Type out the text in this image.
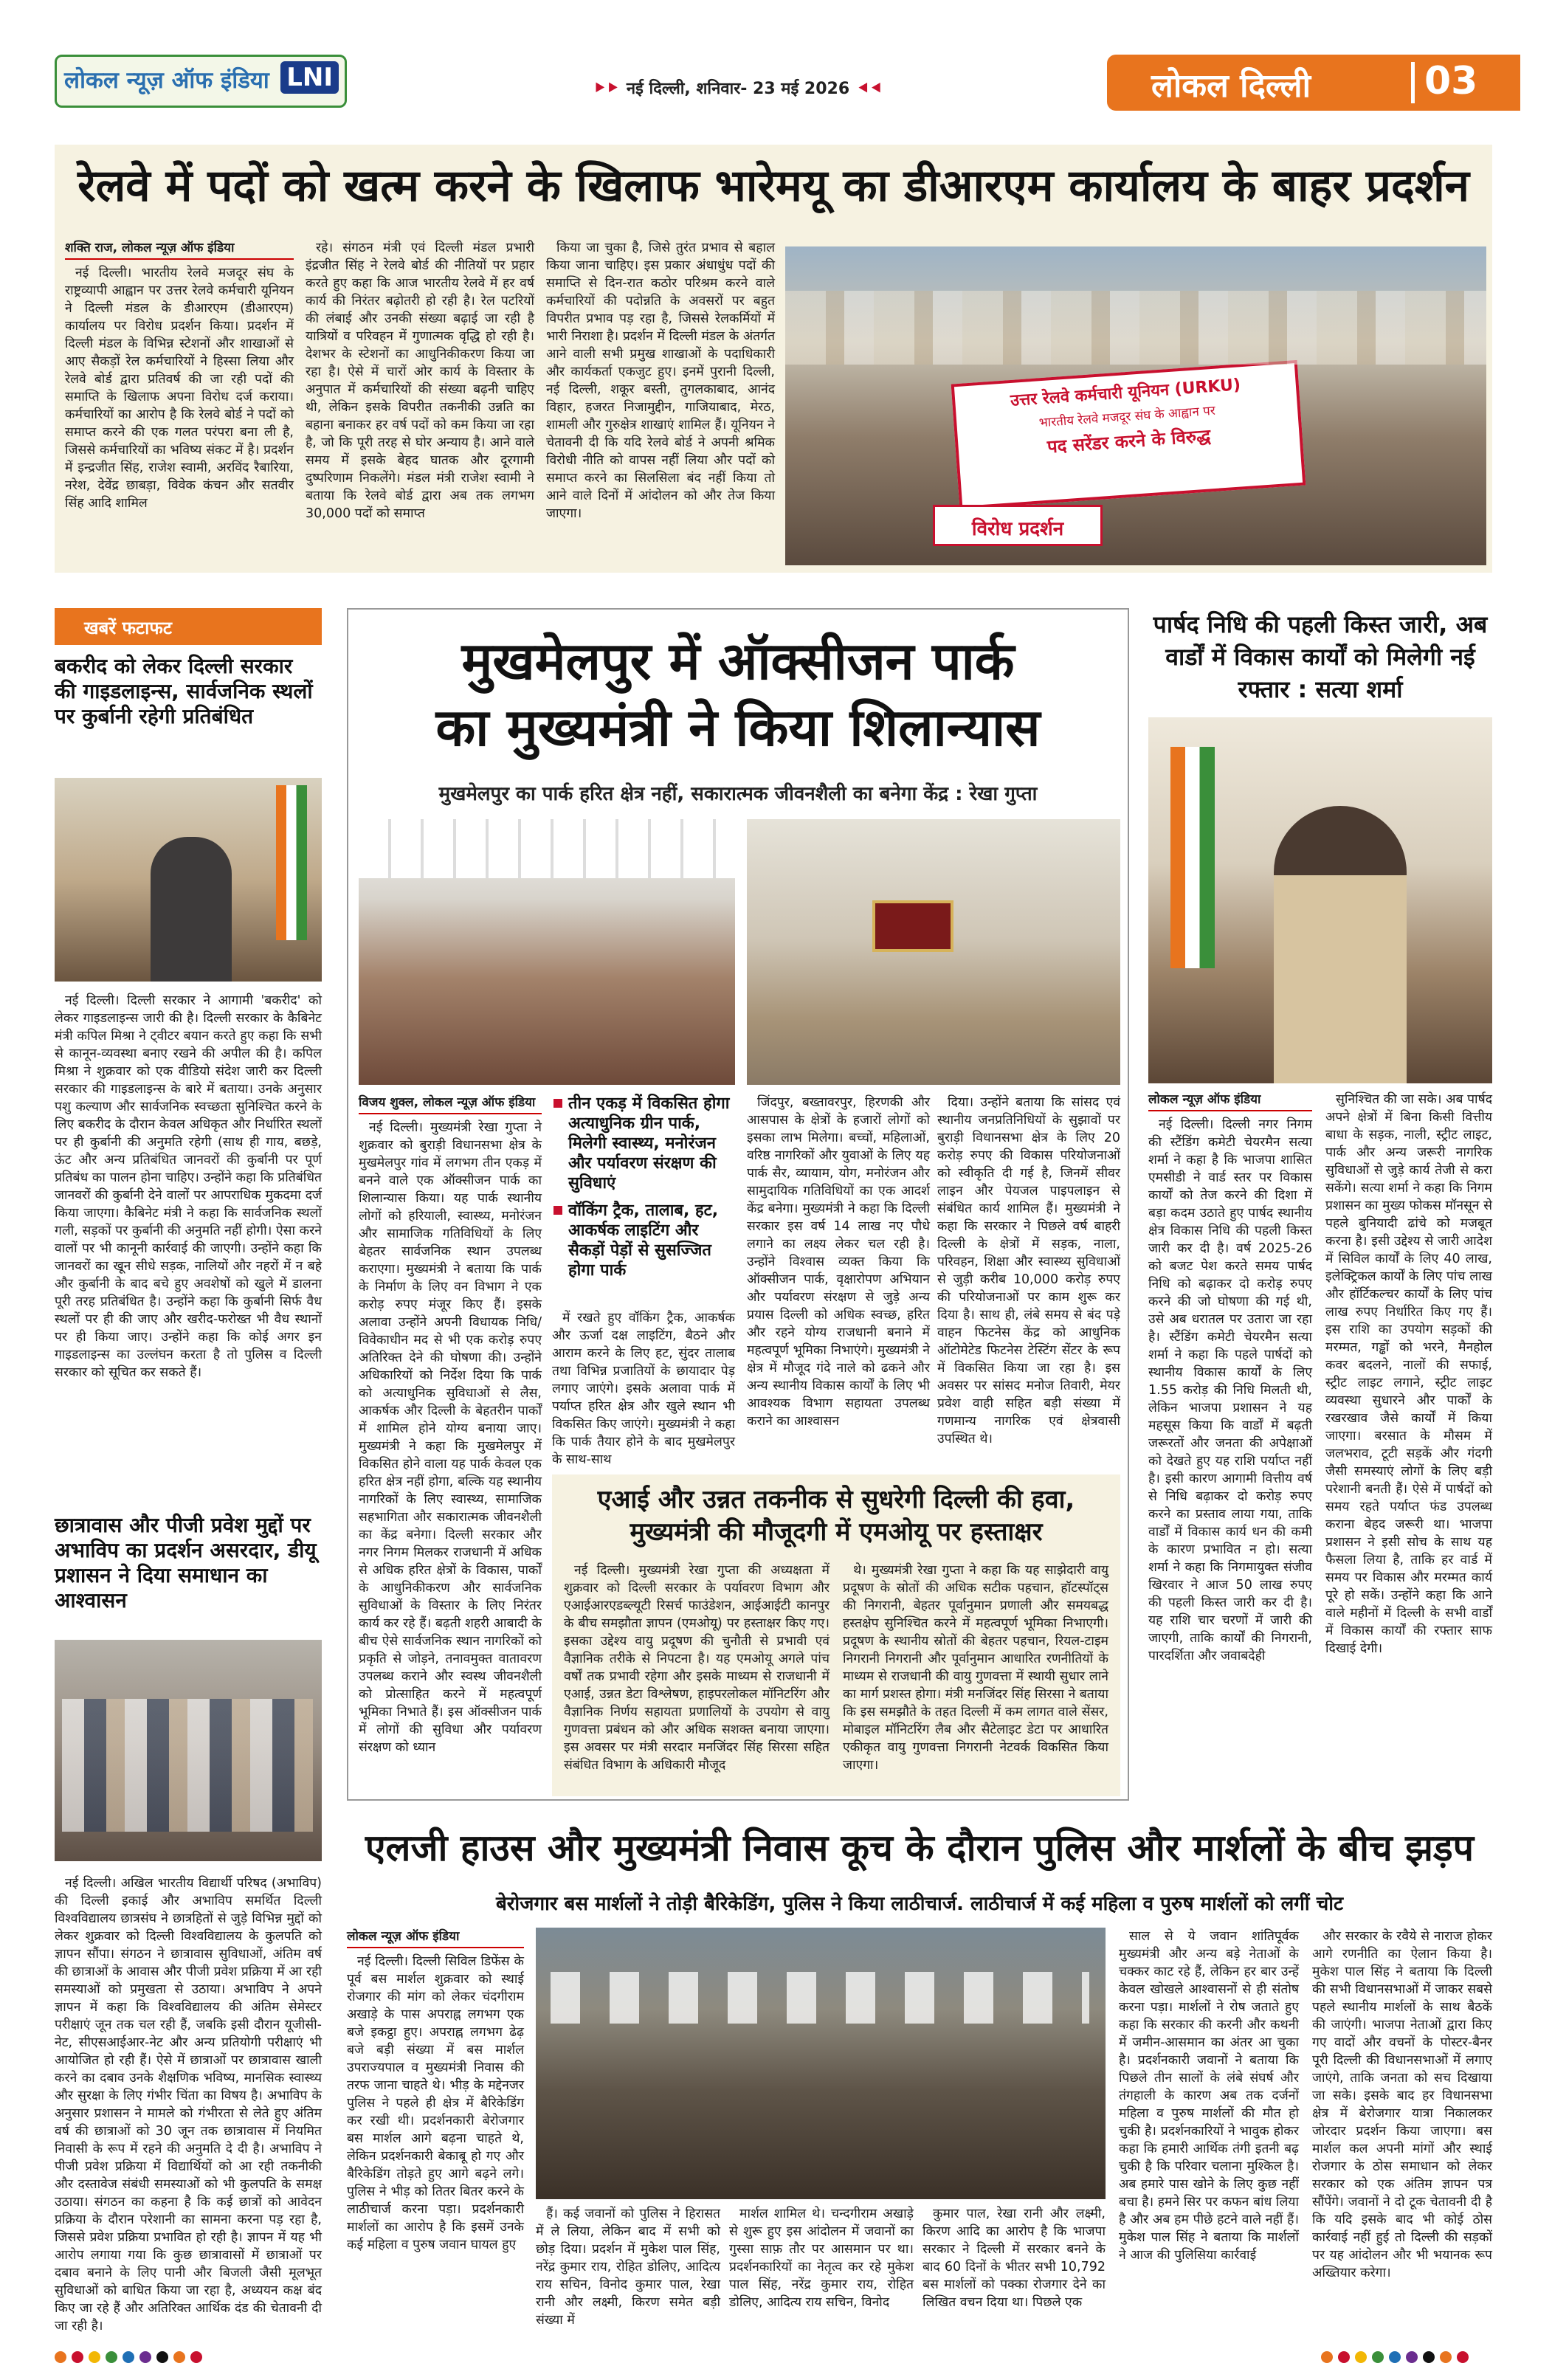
लोकल न्यूज़ ऑफ इंडिया LNI	⯈⯈ नई दिल्ली, शनिवार- 23 मई 2026 ⯇⯇	लोकल दिल्ली	03
रेलवे में पदों को खत्म करने के खिलाफ भारेमयू का डीआरएम कार्यालय के बाहर प्रदर्शन

शक्ति राज, लोकल न्यूज़ ऑफ इंडिया

नई दिल्ली। भारतीय रेलवे मजदूर संघ के राष्ट्रव्यापी आह्वान पर उत्तर रेलवे कर्मचारी यूनियन ने दिल्ली मंडल के डीआरएम (डीआरएम) कार्यालय पर विरोध प्रदर्शन किया। प्रदर्शन में दिल्ली मंडल के विभिन्न स्टेशनों और शाखाओं से आए सैकड़ों रेल कर्मचारियों ने हिस्सा लिया और रेलवे बोर्ड द्वारा प्रतिवर्ष की जा रही पदों की समाप्ति के खिलाफ अपना विरोध दर्ज कराया। कर्मचारियों का आरोप है कि रेलवे बोर्ड ने पदों को समाप्त करने की एक गलत परंपरा बना ली है, जिससे कर्मचारियों का भविष्य संकट में है। प्रदर्शन में इन्द्रजीत सिंह, राजेश स्वामी, अरविंद रैबारिया, नरेश, देवेंद्र छाबड़ा, विवेक कंचन और सतवीर सिंह आदि शामिल

रहे। संगठन मंत्री एवं दिल्ली मंडल प्रभारी इंद्रजीत सिंह ने रेलवे बोर्ड की नीतियों पर प्रहार करते हुए कहा कि आज भारतीय रेलवे में हर वर्ष कार्य की निरंतर बढ़ोतरी हो रही है। रेल पटरियों की लंबाई और उनकी संख्या बढ़ाई जा रही है यात्रियों व परिवहन में गुणात्मक वृद्धि हो रही है। देशभर के स्टेशनों का आधुनिकीकरण किया जा रहा है। ऐसे में चारों ओर कार्य के विस्तार के अनुपात में कर्मचारियों की संख्या बढ़नी चाहिए थी, लेकिन इसके विपरीत तकनीकी उन्नति का बहाना बनाकर हर वर्ष पदों को कम किया जा रहा है, जो कि पूरी तरह से घोर अन्याय है। आने वाले समय में इसके बेहद घातक और दूरगामी दुष्परिणाम निकलेंगे। मंडल मंत्री राजेश स्वामी ने बताया कि रेलवे बोर्ड द्वारा अब तक लगभग 30,000 पदों को समाप्त

किया जा चुका है, जिसे तुरंत प्रभाव से बहाल किया जाना चाहिए। इस प्रकार अंधाधुंध पदों की समाप्ति से दिन-रात कठोर परिश्रम करने वाले कर्मचारियों की पदोन्नति के अवसरों पर बहुत विपरीत प्रभाव पड़ रहा है, जिससे रेलकर्मियों में भारी निराशा है। प्रदर्शन में दिल्ली मंडल के अंतर्गत आने वाली सभी प्रमुख शाखाओं के पदाधिकारी और कार्यकर्ता एकजुट हुए। इनमें पुरानी दिल्ली, नई दिल्ली, शकूर बस्ती, तुगलकाबाद, आनंद विहार, हजरत निजामुद्दीन, गाजियाबाद, मेरठ, शामली और गुरुक्षेत्र शाखाएं शामिल हैं। यूनियन ने चेतावनी दी कि यदि रेलवे बोर्ड ने अपनी श्रमिक विरोधी नीति को वापस नहीं लिया और पदों को समाप्त करने का सिलसिला बंद नहीं किया तो आने वाले दिनों में आंदोलन को और तेज किया जाएगा।

उत्तर रेलवे कर्मचारी यूनियन (URKU)
भारतीय रेलवे मजदूर संघ के आह्वान पर
पद सरेंडर करने के विरुद्ध
विरोध प्रदर्शन
खबरें फटाफट
बकरीद को लेकर दिल्ली सरकार की गाइडलाइन्स, सार्वजनिक स्थलों पर कुर्बानी रहेगी प्रतिबंधित

नई दिल्ली। दिल्ली सरकार ने आगामी 'बकरीद' को लेकर गाइडलाइन्स जारी की है। दिल्ली सरकार के कैबिनेट मंत्री कपिल मिश्रा ने ट्वीटर बयान करते हुए कहा कि सभी से कानून-व्यवस्था बनाए रखने की अपील की है। कपिल मिश्रा ने शुक्रवार को एक वीडियो संदेश जारी कर दिल्ली सरकार की गाइडलाइन्स के बारे में बताया। उनके अनुसार पशु कल्याण और सार्वजनिक स्वच्छता सुनिश्चित करने के लिए बकरीद के दौरान केवल अधिकृत और निर्धारित स्थलों पर ही कुर्बानी की अनुमति रहेगी (साथ ही गाय, बछड़े, ऊंट और अन्य प्रतिबंधित जानवरों की कुर्बानी पर पूर्ण प्रतिबंध का पालन होना चाहिए। उन्होंने कहा कि प्रतिबंधित जानवरों की कुर्बानी देने वालों पर आपराधिक मुकदमा दर्ज किया जाएगा। कैबिनेट मंत्री ने कहा कि सार्वजनिक स्थलों गली, सड़कों पर कुर्बानी की अनुमति नहीं होगी। ऐसा करने वालों पर भी कानूनी कार्रवाई की जाएगी। उन्होंने कहा कि जानवरों का खून सीधे सड़क, नालियों और नहरों में न बहे और कुर्बानी के बाद बचे हुए अवशेषों को खुले में डालना पूरी तरह प्रतिबंधित है। उन्होंने कहा कि कुर्बानी सिर्फ वैध स्थलों पर ही की जाए और खरीद-फरोख्त भी वैध स्थानों पर ही किया जाए। उन्होंने कहा कि कोई अगर इन गाइडलाइन्स का उल्लंघन करता है तो पुलिस व दिल्ली सरकार को सूचित कर सकते हैं।

छात्रावास और पीजी प्रवेश मुद्दों पर अभाविप का प्रदर्शन असरदार, डीयू प्रशासन ने दिया समाधान का आश्वासन

नई दिल्ली। अखिल भारतीय विद्यार्थी परिषद (अभाविप) की दिल्ली इकाई और अभाविप समर्थित दिल्ली विश्वविद्यालय छात्रसंघ ने छात्रहितों से जुड़े विभिन्न मुद्दों को लेकर शुक्रवार को दिल्ली विश्वविद्यालय के कुलपति को ज्ञापन सौंपा। संगठन ने छात्रावास सुविधाओं, अंतिम वर्ष की छात्राओं के आवास और पीजी प्रवेश प्रक्रिया में आ रही समस्याओं को प्रमुखता से उठाया। अभाविप ने अपने ज्ञापन में कहा कि विश्वविद्यालय की अंतिम सेमेस्टर परीक्षाएं जून तक चल रही हैं, जबकि इसी दौरान यूजीसी-नेट, सीएसआईआर-नेट और अन्य प्रतियोगी परीक्षाएं भी आयोजित हो रही हैं। ऐसे में छात्राओं पर छात्रावास खाली करने का दबाव उनके शैक्षणिक भविष्य, मानसिक स्वास्थ्य और सुरक्षा के लिए गंभीर चिंता का विषय है। अभाविप के अनुसार प्रशासन ने मामले को गंभीरता से लेते हुए अंतिम वर्ष की छात्राओं को 30 जून तक छात्रावास में नियमित निवासी के रूप में रहने की अनुमति दे दी है। अभाविप ने पीजी प्रवेश प्रक्रिया में विद्यार्थियों को आ रही तकनीकी और दस्तावेज संबंधी समस्याओं को भी कुलपति के समक्ष उठाया। संगठन का कहना है कि कई छात्रों को आवेदन प्रक्रिया के दौरान परेशानी का सामना करना पड़ रहा है, जिससे प्रवेश प्रक्रिया प्रभावित हो रही है। ज्ञापन में यह भी आरोप लगाया गया कि कुछ छात्रावासों में छात्राओं पर दबाव बनाने के लिए पानी और बिजली जैसी मूलभूत सुविधाओं को बाधित किया जा रहा है, अध्ययन कक्ष बंद किए जा रहे हैं और अतिरिक्त आर्थिक दंड की चेतावनी दी जा रही है।

मुखमेलपुर में ऑक्सीजन पार्क
का मुख्यमंत्री ने किया शिलान्यास
मुखमेलपुर का पार्क हरित क्षेत्र नहीं, सकारात्मक जीवनशैली का बनेगा केंद्र : रेखा गुप्ता

विजय शुक्ल, लोकल न्यूज़ ऑफ इंडिया

नई दिल्ली। मुख्यमंत्री रेखा गुप्ता ने शुक्रवार को बुराड़ी विधानसभा क्षेत्र के मुखमेलपुर गांव में लगभग तीन एकड़ में बनने वाले एक ऑक्सीजन पार्क का शिलान्यास किया। यह पार्क स्थानीय लोगों को हरियाली, स्वास्थ्य, मनोरंजन और सामाजिक गतिविधियों के लिए बेहतर सार्वजनिक स्थान उपलब्ध कराएगा। मुख्यमंत्री ने बताया कि पार्क के निर्माण के लिए वन विभाग ने एक करोड़ रुपए मंजूर किए हैं। इसके अलावा उन्होंने अपनी विधायक निधि/विवेकाधीन मद से भी एक करोड़ रुपए अतिरिक्त देने की घोषणा की। उन्होंने अधिकारियों को निर्देश दिया कि पार्क को अत्याधुनिक सुविधाओं से लैस, आकर्षक और दिल्ली के बेहतरीन पार्कों में शामिल होने योग्य बनाया जाए। मुख्यमंत्री ने कहा कि मुखमेलपुर में विकसित होने वाला यह पार्क केवल एक हरित क्षेत्र नहीं होगा, बल्कि यह स्थानीय नागरिकों के लिए स्वास्थ्य, सामाजिक सहभागिता और सकारात्मक जीवनशैली का केंद्र बनेगा। दिल्ली सरकार और नगर निगम मिलकर राजधानी में अधिक से अधिक हरित क्षेत्रों के विकास, पार्कों के आधुनिकीकरण और सार्वजनिक सुविधाओं के विस्तार के लिए निरंतर कार्य कर रहे हैं। बढ़ती शहरी आबादी के बीच ऐसे सार्वजनिक स्थान नागरिकों को प्रकृति से जोड़ने, तनावमुक्त वातावरण उपलब्ध कराने और स्वस्थ जीवनशैली को प्रोत्साहित करने में महत्वपूर्ण भूमिका निभाते हैं। इस ऑक्सीजन पार्क में लोगों की सुविधा और पर्यावरण संरक्षण को ध्यान

तीन एकड़ में विकसित होगा अत्याधुनिक ग्रीन पार्क, मिलेगी स्वास्थ्य, मनोरंजन और पर्यावरण संरक्षण की सुविधाएं
वॉकिंग ट्रैक, तालाब, हट, आकर्षक लाइटिंग और सैकड़ों पेड़ों से सुसज्जित होगा पार्क

में रखते हुए वॉकिंग ट्रैक, आकर्षक और ऊर्जा दक्ष लाइटिंग, बैठने और आराम करने के लिए हट, सुंदर तालाब तथा विभिन्न प्रजातियों के छायादार पेड़ लगाए जाएंगे। इसके अलावा पार्क में पर्याप्त हरित क्षेत्र और खुले स्थान भी विकसित किए जाएंगे। मुख्यमंत्री ने कहा कि पार्क तैयार होने के बाद मुखमेलपुर के साथ-साथ

जिंदपुर, बख्तावरपुर, हिरणकी और आसपास के क्षेत्रों के हजारों लोगों को इसका लाभ मिलेगा। बच्चों, महिलाओं, वरिष्ठ नागरिकों और युवाओं के लिए यह पार्क सैर, व्यायाम, योग, मनोरंजन और सामुदायिक गतिविधियों का एक आदर्श केंद्र बनेगा। मुख्यमंत्री ने कहा कि दिल्ली सरकार इस वर्ष 14 लाख नए पौधे लगाने का लक्ष्य लेकर चल रही है। उन्होंने विश्वास व्यक्त किया कि ऑक्सीजन पार्क, वृक्षारोपण अभियान और पर्यावरण संरक्षण से जुड़े अन्य प्रयास दिल्ली को अधिक स्वच्छ, हरित और रहने योग्य राजधानी बनाने में महत्वपूर्ण भूमिका निभाएंगे। मुख्यमंत्री ने क्षेत्र में मौजूद गंदे नाले को ढकने और अन्य स्थानीय विकास कार्यों के लिए भी आवश्यक विभाग सहायता उपलब्ध कराने का आश्वासन

दिया। उन्होंने बताया कि सांसद एवं स्थानीय जनप्रतिनिधियों के सुझावों पर बुराड़ी विधानसभा क्षेत्र के लिए 20 करोड़ रुपए की विकास परियोजनाओं को स्वीकृति दी गई है, जिनमें सीवर लाइन और पेयजल पाइपलाइन से संबंधित कार्य शामिल हैं। मुख्यमंत्री ने कहा कि सरकार ने पिछले वर्ष बाहरी दिल्ली के क्षेत्रों में सड़क, नाला, परिवहन, शिक्षा और स्वास्थ्य सुविधाओं से जुड़ी करीब 10,000 करोड़ रुपए की परियोजनाओं पर काम शुरू कर दिया है। साथ ही, लंबे समय से बंद पड़े वाहन फिटनेस केंद्र को आधुनिक ऑटोमेटेड फिटनेस टेस्टिंग सेंटर के रूप में विकसित किया जा रहा है। इस अवसर पर सांसद मनोज तिवारी, मेयर प्रवेश वाही सहित बड़ी संख्या में गणमान्य नागरिक एवं क्षेत्रवासी उपस्थित थे।

एआई और उन्नत तकनीक से सुधरेगी दिल्ली की हवा, मुख्यमंत्री की मौजूदगी में एमओयू पर हस्ताक्षर

नई दिल्ली। मुख्यमंत्री रेखा गुप्ता की अध्यक्षता में शुक्रवार को दिल्ली सरकार के पर्यावरण विभाग और एआईआरएडब्ल्यूटी रिसर्च फाउंडेशन, आईआईटी कानपुर के बीच समझौता ज्ञापन (एमओयू) पर हस्ताक्षर किए गए। इसका उद्देश्य वायु प्रदूषण की चुनौती से प्रभावी एवं वैज्ञानिक तरीके से निपटना है। यह एमओयू अगले पांच वर्षों तक प्रभावी रहेगा और इसके माध्यम से राजधानी में एआई, उन्नत डेटा विश्लेषण, हाइपरलोकल मॉनिटरिंग और वैज्ञानिक निर्णय सहायता प्रणालियों के उपयोग से वायु गुणवत्ता प्रबंधन को और अधिक सशक्त बनाया जाएगा। इस अवसर पर मंत्री सरदार मनजिंदर सिंह सिरसा सहित संबंधित विभाग के अधिकारी मौजूद

थे। मुख्यमंत्री रेखा गुप्ता ने कहा कि यह साझेदारी वायु प्रदूषण के स्रोतों की अधिक सटीक पहचान, हॉटस्पॉट्स की निगरानी, बेहतर पूर्वानुमान प्रणाली और समयबद्ध हस्तक्षेप सुनिश्चित करने में महत्वपूर्ण भूमिका निभाएगी। प्रदूषण के स्थानीय स्रोतों की बेहतर पहचान, रियल-टाइम निगरानी निगरानी और पूर्वानुमान आधारित रणनीतियों के माध्यम से राजधानी की वायु गुणवत्ता में स्थायी सुधार लाने का मार्ग प्रशस्त होगा। मंत्री मनजिंदर सिंह सिरसा ने बताया कि इस समझौते के तहत दिल्ली में कम लागत वाले सेंसर, मोबाइल मॉनिटरिंग लैब और सैटेलाइट डेटा पर आधारित एकीकृत वायु गुणवत्ता निगरानी नेटवर्क विकसित किया जाएगा।

पार्षद निधि की पहली किस्त जारी, अब वार्डों में विकास कार्यों को मिलेगी नई रफ्तार : सत्या शर्मा

लोकल न्यूज़ ऑफ इंडिया

नई दिल्ली। दिल्ली नगर निगम की स्टैंडिंग कमेटी चेयरमैन सत्या शर्मा ने कहा है कि भाजपा शासित एमसीडी ने वार्ड स्तर पर विकास कार्यों को तेज करने की दिशा में बड़ा कदम उठाते हुए पार्षद स्थानीय क्षेत्र विकास निधि की पहली किस्त जारी कर दी है। वर्ष 2025-26 को बजट पेश करते समय पार्षद निधि को बढ़ाकर दो करोड़ रुपए करने की जो घोषणा की गई थी, उसे अब धरातल पर उतारा जा रहा है। स्टैंडिंग कमेटी चेयरमैन सत्या शर्मा ने कहा कि पहले पार्षदों को स्थानीय विकास कार्यों के लिए 1.55 करोड़ की निधि मिलती थी, लेकिन भाजपा प्रशासन ने यह महसूस किया कि वार्डों में बढ़ती जरूरतों और जनता की अपेक्षाओं को देखते हुए यह राशि पर्याप्त नहीं है। इसी कारण आगामी वित्तीय वर्ष से निधि बढ़ाकर दो करोड़ रुपए करने का प्रस्ताव लाया गया, ताकि वार्डों में विकास कार्य धन की कमी के कारण प्रभावित न हो। सत्या शर्मा ने कहा कि निगमायुक्त संजीव खिरवार ने आज 50 लाख रुपए की पहली किस्त जारी कर दी है। यह राशि चार चरणों में जारी की जाएगी, ताकि कार्यों की निगरानी, पारदर्शिता और जवाबदेही

सुनिश्चित की जा सके। अब पार्षद अपने क्षेत्रों में बिना किसी वित्तीय बाधा के सड़क, नाली, स्ट्रीट लाइट, पार्क और अन्य जरूरी नागरिक सुविधाओं से जुड़े कार्य तेजी से करा सकेंगे। सत्या शर्मा ने कहा कि निगम प्रशासन का मुख्य फोकस मॉनसून से पहले बुनियादी ढांचे को मजबूत करना है। इसी उद्देश्य से जारी आदेश में सिविल कार्यों के लिए 40 लाख, इलेक्ट्रिकल कार्यों के लिए पांच लाख और हॉर्टिकल्चर कार्यों के लिए पांच लाख रुपए निर्धारित किए गए हैं। इस राशि का उपयोग सड़कों की मरम्मत, गड्ढों को भरने, मैनहोल कवर बदलने, नालों की सफाई, स्ट्रीट लाइट लगाने, स्ट्रीट लाइट व्यवस्था सुधारने और पार्कों के रखरखाव जैसे कार्यों में किया जाएगा। बरसात के मौसम में जलभराव, टूटी सड़कें और गंदगी जैसी समस्याएं लोगों के लिए बड़ी परेशानी बनती हैं। ऐसे में पार्षदों को समय रहते पर्याप्त फंड उपलब्ध कराना बेहद जरूरी था। भाजपा प्रशासन ने इसी सोच के साथ यह फैसला लिया है, ताकि हर वार्ड में समय पर विकास और मरम्मत कार्य पूरे हो सकें। उन्होंने कहा कि आने वाले महीनों में दिल्ली के सभी वार्डों में विकास कार्यों की रफ्तार साफ दिखाई देगी।

एलजी हाउस और मुख्यमंत्री निवास कूच के दौरान पुलिस और मार्शलों के बीच झड़प
बेरोजगार बस मार्शलों ने तोड़ी बैरिकेडिंग, पुलिस ने किया लाठीचार्ज. लाठीचार्ज में कई महिला व पुरुष मार्शलों को लगीं चोट

लोकल न्यूज़ ऑफ इंडिया

नई दिल्ली। दिल्ली सिविल डिफेंस के पूर्व बस मार्शल शुक्रवार को स्थाई रोजगार की मांग को लेकर चंदगीराम अखाड़े के पास अपराह्न लगभग एक बजे इकट्ठा हुए। अपराह्न लगभग ढेढ़ बजे बड़ी संख्या में बस मार्शल उपराज्यपाल व मुख्यमंत्री निवास की तरफ जाना चाहते थे। भीड़ के मद्देनजर पुलिस ने पहले ही क्षेत्र में बैरिकेडिंग कर रखी थी। प्रदर्शनकारी बेरोजगार बस मार्शल आगे बढ़ना चाहते थे, लेकिन प्रदर्शनकारी बेकाबू हो गए और बैरिकेडिंग तोड़ते हुए आगे बढ़ने लगे। पुलिस ने भीड़ को तितर बितर करने के लाठीचार्ज करना पड़ा। प्रदर्शनकारी मार्शलों का आरोप है कि इसमें उनके कई महिला व पुरुष जवान घायल हुए

हैं। कई जवानों को पुलिस ने हिरासत में ले लिया, लेकिन बाद में सभी को छोड़ दिया। प्रदर्शन में मुकेश पाल सिंह, नरेंद्र कुमार राय, रोहित डोलिए, आदित्य राय सचिन, विनोद कुमार पाल, रेखा रानी और लक्ष्मी, किरण समेत बड़ी संख्या में

मार्शल शामिल थे। चन्दगीराम अखाड़े से शुरू हुए इस आंदोलन में जवानों का गुस्सा साफ़ तौर पर आसमान पर था। प्रदर्शनकारियों का नेतृत्व कर रहे मुकेश पाल सिंह, नरेंद्र कुमार राय, रोहित डोलिए, आदित्य राय सचिन, विनोद

कुमार पाल, रेखा रानी और लक्ष्मी, किरण आदि का आरोप है कि भाजपा सरकार ने दिल्ली में सरकार बनने के बाद 60 दिनों के भीतर सभी 10,792 बस मार्शलों को पक्का रोजगार देने का लिखित वचन दिया था। पिछले एक

साल से ये जवान शांतिपूर्वक मुख्यमंत्री और अन्य बड़े नेताओं के चक्कर काट रहे हैं, लेकिन हर बार उन्हें केवल खोखले आश्वासनों से ही संतोष करना पड़ा। मार्शलों ने रोष जताते हुए कहा कि सरकार की करनी और कथनी में जमीन-आसमान का अंतर आ चुका है। प्रदर्शनकारी जवानों ने बताया कि पिछले तीन सालों के लंबे संघर्ष और तंगहाली के कारण अब तक दर्जनों महिला व पुरुष मार्शलों की मौत हो चुकी है। प्रदर्शनकारियों ने भावुक होकर कहा कि हमारी आर्थिक तंगी इतनी बढ़ चुकी है कि परिवार चलाना मुश्किल है। अब हमारे पास खोने के लिए कुछ नहीं बचा है। हमने सिर पर कफन बांध लिया है और अब हम पीछे हटने वाले नहीं हैं। मुकेश पाल सिंह ने बताया कि मार्शलों ने आज की पुलिसिया कार्रवाई

और सरकार के रवैये से नाराज होकर आगे रणनीति का ऐलान किया है। मुकेश पाल सिंह ने बताया कि दिल्ली की सभी विधानसभाओं में जाकर सबसे पहले स्थानीय मार्शलों के साथ बैठकें की जाएंगी। भाजपा नेताओं द्वारा किए गए वादों और वचनों के पोस्टर-बैनर पूरी दिल्ली की विधानसभाओं में लगाए जाएंगे, ताकि जनता को सच दिखाया जा सके। इसके बाद हर विधानसभा क्षेत्र में बेरोजगार यात्रा निकालकर जोरदार प्रदर्शन किया जाएगा। बस मार्शल कल अपनी मांगों और स्थाई रोजगार के ठोस समाधान को लेकर सरकार को एक अंतिम ज्ञापन पत्र सौंपेंगे। जवानों ने दो टूक चेतावनी दी है कि यदि इसके बाद भी कोई ठोस कार्रवाई नहीं हुई तो दिल्ली की सड़कों पर यह आंदोलन और भी भयानक रूप अख्तियार करेगा।
